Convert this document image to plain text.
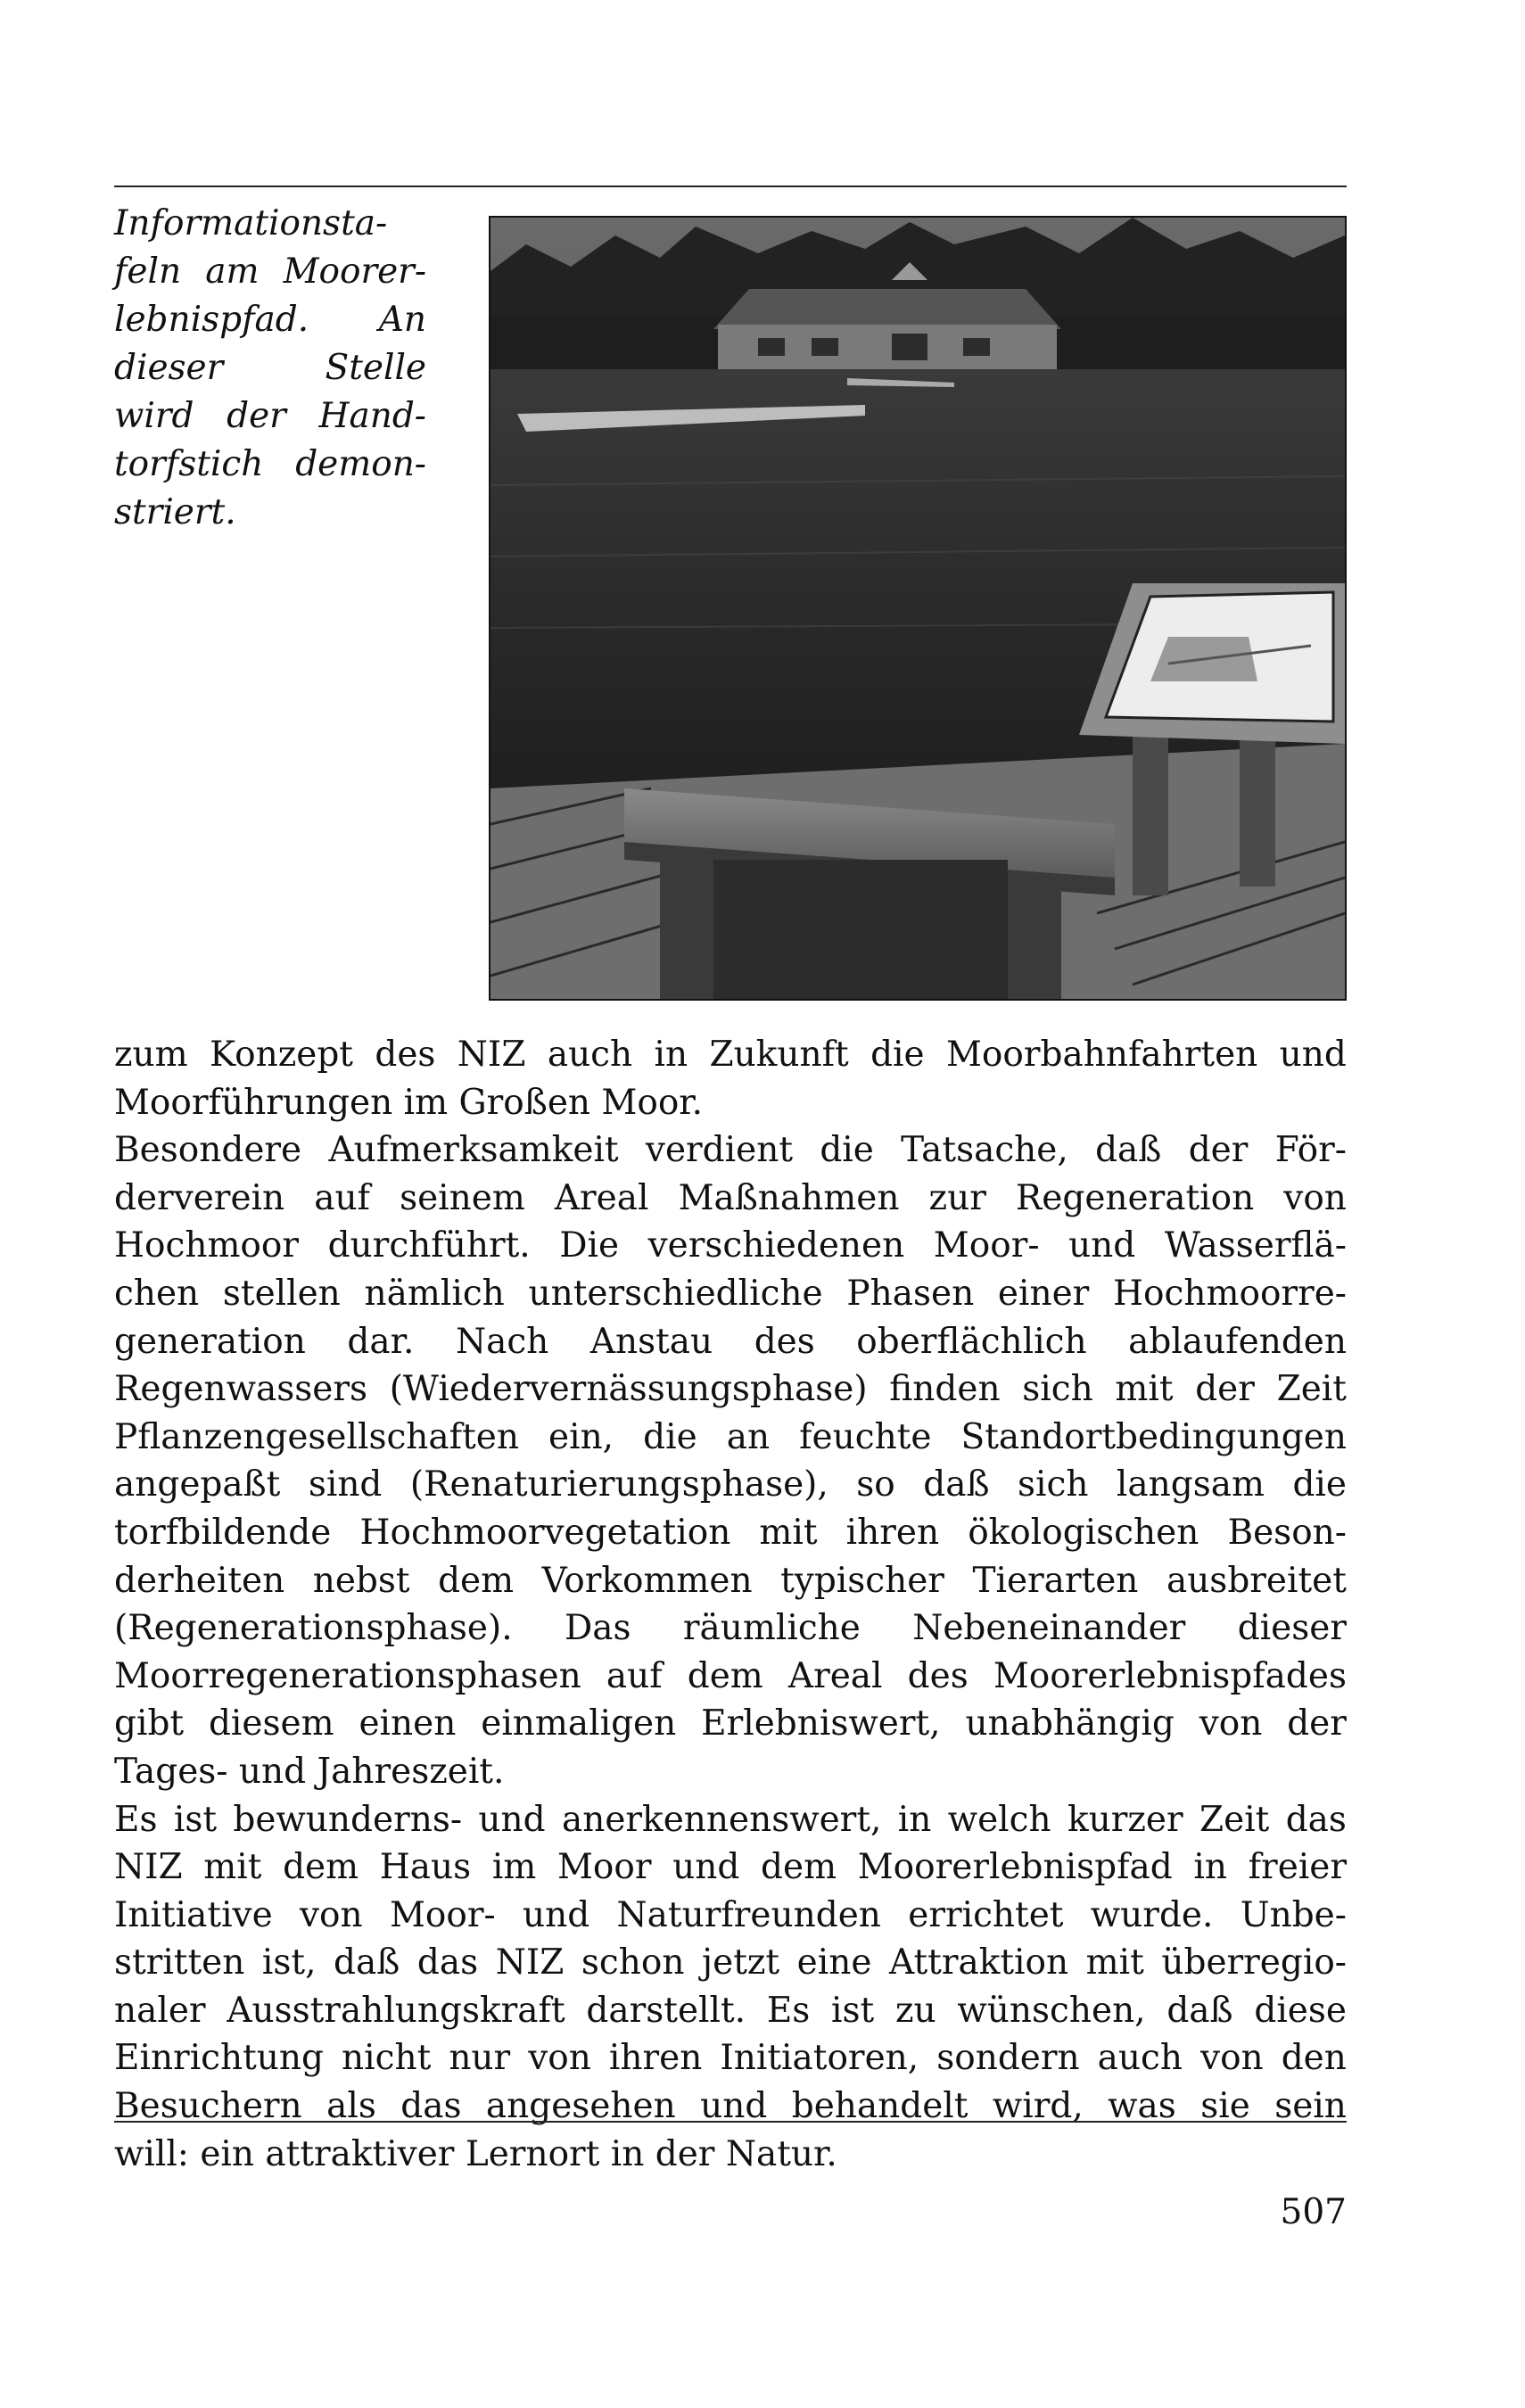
Informationsta-
feln am Moorer-
lebnispfad. An
dieser	Stelle
wird der Hand-
torfstich demon-
striert.
zum Konzept des NIZ auch in Zukunft die Moorbahnfahrten und
Moorführungen im Großen Moor.
Besondere Aufmerksamkeit verdient die Tatsache, daß der För-
derverein auf seinem Areal Maßnahmen zur Regeneration von
Hochmoor durchführt. Die verschiedenen Moor- und Wasserflä-
chen stellen nämlich unterschiedliche Phasen einer Hochmoorre-
generation dar. Nach Anstau des oberflächlich ablaufenden
Regenwassers (Wiedervernässungsphase) finden sich mit der Zeit
Pflanzengesellschaften ein, die an feuchte Standortbedingungen
angepaßt sind (Renaturierungsphase), so daß sich langsam die
torfbildende Hochmoorvegetation mit ihren ökologischen Beson-
derheiten nebst dem Vorkommen typischer Tierarten ausbreitet
(Regenerationsphase). Das räumliche Nebeneinander dieser
Moorregenerationsphasen auf dem Areal des Moorerlebnispfades
gibt diesem einen einmaligen Erlebniswert, unabhängig von der
Tages- und Jahreszeit.
Es ist bewunderns- und anerkennenswert, in welch kurzer Zeit das
NIZ mit dem Haus im Moor und dem Moorerlebnispfad in freier
Initiative von Moor- und Naturfreunden errichtet wurde. Unbe-
stritten ist, daß das NIZ schon jetzt eine Attraktion mit überregio-
naler Ausstrahlungskraft darstellt. Es ist zu wünschen, daß diese
Einrichtung nicht nur von ihren Initiatoren, sondern auch von den
Besuchern als das angesehen und behandelt wird, was sie sein
will: ein attraktiver Lernort in der Natur.
507
